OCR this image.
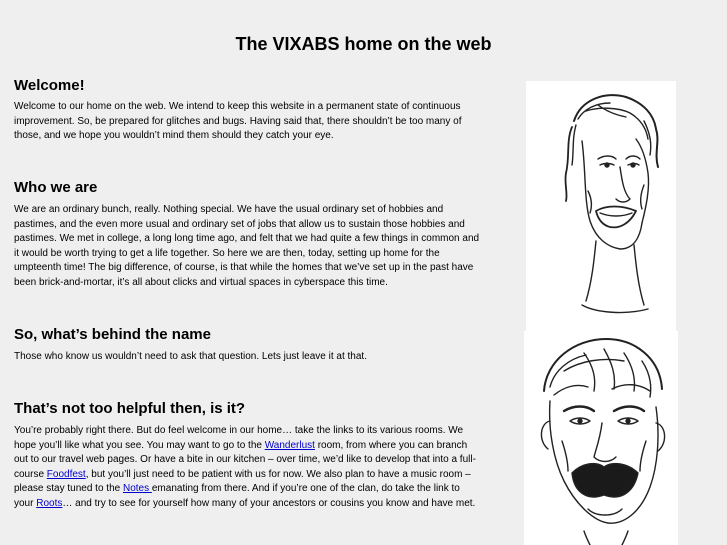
The VIXABS home on the web
Welcome!

Welcome to our home on the web. We intend to keep this website in a permanent state of continuous improvement. So, be prepared for glitches and bugs. Having said that, there shouldn’t be too many of those, and we hope you wouldn’t mind them should they catch your eye.

Who we are

We are an ordinary bunch, really. Nothing special. We have the usual ordinary set of hobbies and pastimes, and the even more usual and ordinary set of jobs that allow us to sustain those hobbies and pastimes. We met in college, a long long time ago, and felt that we had quite a few things in common and it would be worth trying to get a life together. So here we are then, today, setting up home for the umpteenth time! The big difference, of course, is that while the homes that we’ve set up in the past have been brick-and-mortar, it’s all about clicks and virtual spaces in cyberspace this time.

So, what’s behind the name

Those who know us wouldn’t need to ask that question. Lets just leave it at that.

That’s not too helpful then, is it?

You’re probably right there. But do feel welcome in our home… take the links to its various rooms. We hope you’ll like what you see. You may want to go to the Wanderlust room, from where you can branch out to our travel web pages. Or have a bite in our kitchen – over time, we’d like to develop that into a full-course Foodfest, but you’ll just need to be patient with us for now. We also plan to have a music room – please stay tuned to the Notes emanating from there. And if you’re one of the clan, do take the link to your Roots… and try to see for yourself how many of your ancestors or cousins you know and have met.
